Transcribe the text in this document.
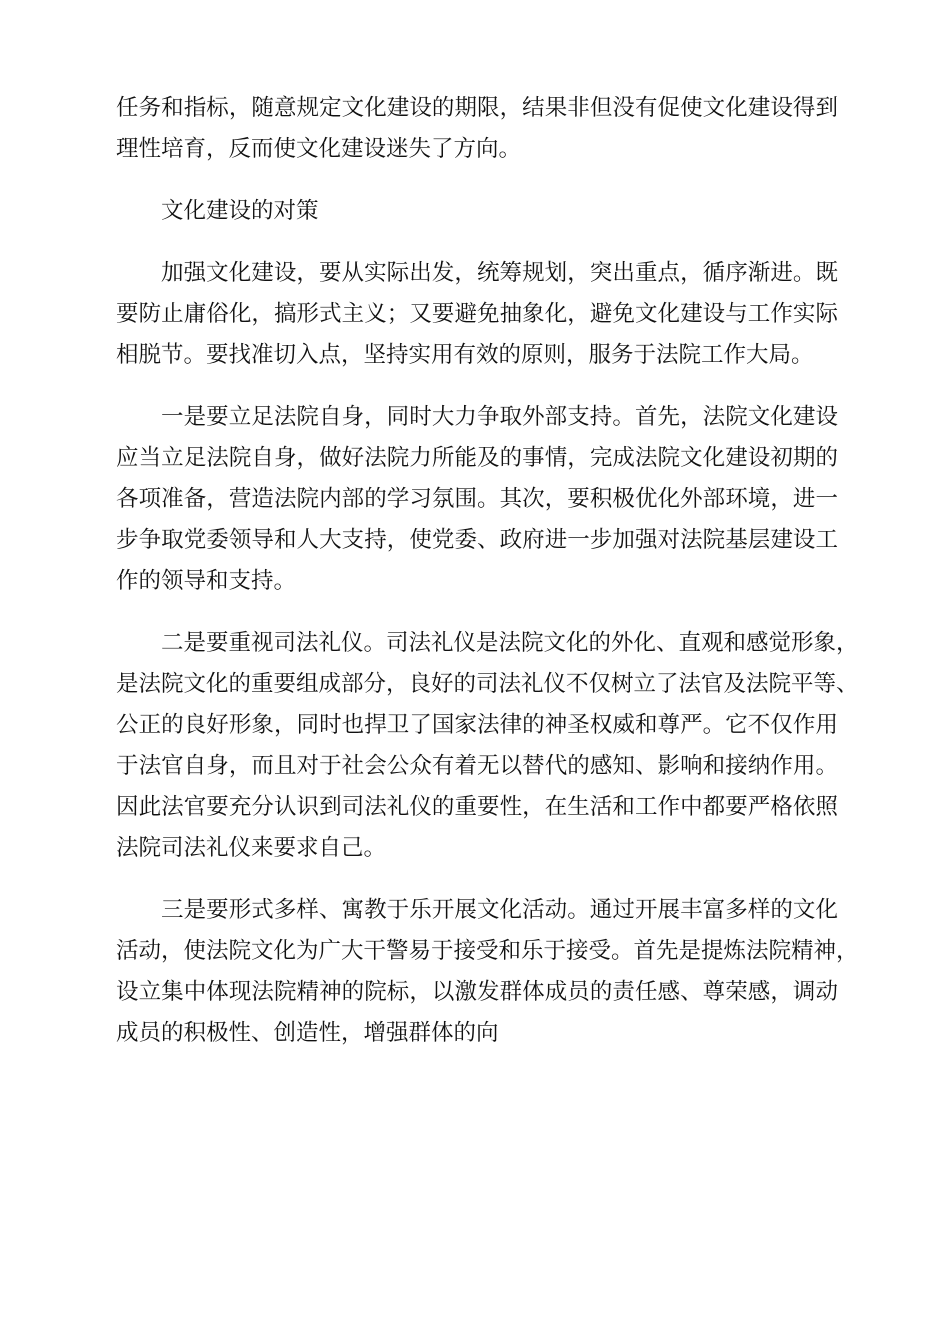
任务和指标，随意规定文化建设的期限，结果非但没有促使文化建设得到
理性培育，反而使文化建设迷失了方向。
文化建设的对策
加强文化建设，要从实际出发，统筹规划，突出重点，循序渐进。既
要防止庸俗化，搞形式主义；又要避免抽象化，避免文化建设与工作实际
相脱节。要找准切入点，坚持实用有效的原则，服务于法院工作大局。
一是要立足法院自身，同时大力争取外部支持。首先，法院文化建设
应当立足法院自身，做好法院力所能及的事情，完成法院文化建设初期的
各项准备，营造法院内部的学习氛围。其次，要积极优化外部环境，进一
步争取党委领导和人大支持，使党委、政府进一步加强对法院基层建设工
作的领导和支持。
二是要重视司法礼仪。司法礼仪是法院文化的外化、直观和感觉形象，
是法院文化的重要组成部分，良好的司法礼仪不仅树立了法官及法院平等、
公正的良好形象，同时也捍卫了国家法律的神圣权威和尊严。它不仅作用
于法官自身，而且对于社会公众有着无以替代的感知、影响和接纳作用。
因此法官要充分认识到司法礼仪的重要性，在生活和工作中都要严格依照
法院司法礼仪来要求自己。
三是要形式多样、寓教于乐开展文化活动。通过开展丰富多样的文化
活动，使法院文化为广大干警易于接受和乐于接受。首先是提炼法院精神，
设立集中体现法院精神的院标，以激发群体成员的责任感、尊荣感，调动
成员的积极性、创造性，增强群体的向
